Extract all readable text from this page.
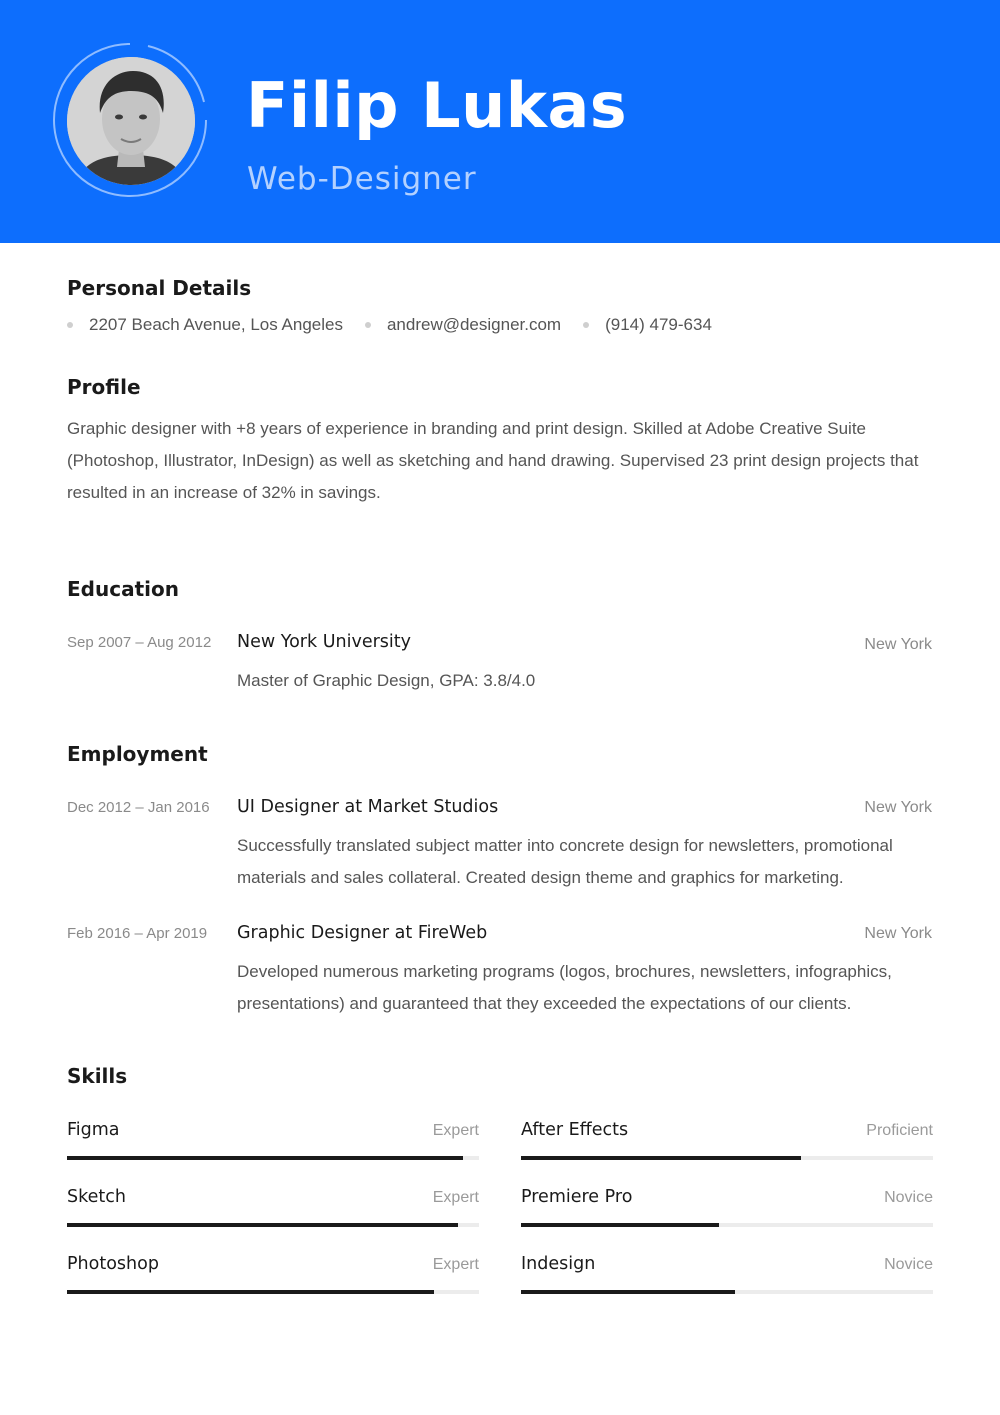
Filip Lukas
Web-Designer
Personal Details
2207 Beach Avenue, Los Angeles	andrew@designer.com	(914) 479-634
Profile
Graphic designer with +8 years of experience in branding and print design. Skilled at Adobe Creative Suite (Photoshop, Illustrator, InDesign) as well as sketching and hand drawing. Supervised 23 print design projects that resulted in an increase of 32% in savings.
Education
Sep 2007 – Aug 2012 New York University	New York
Master of Graphic Design, GPA: 3.8/4.0
Employment
Dec 2012 – Jan 2016 UI Designer at Market Studios	New York
Successfully translated subject matter into concrete design for newsletters, promotional materials and sales collateral. Created design theme and graphics for marketing.
Feb 2016 – Apr 2019 Graphic Designer at FireWeb	New York
Developed numerous marketing programs (logos, brochures, newsletters, infographics, presentations) and guaranteed that they exceeded the expectations of our clients.
Skills
Figma	Expert After Effects	Proficient
Sketch	Expert Premiere Pro	Novice
Photoshop	Expert Indesign	Novice
